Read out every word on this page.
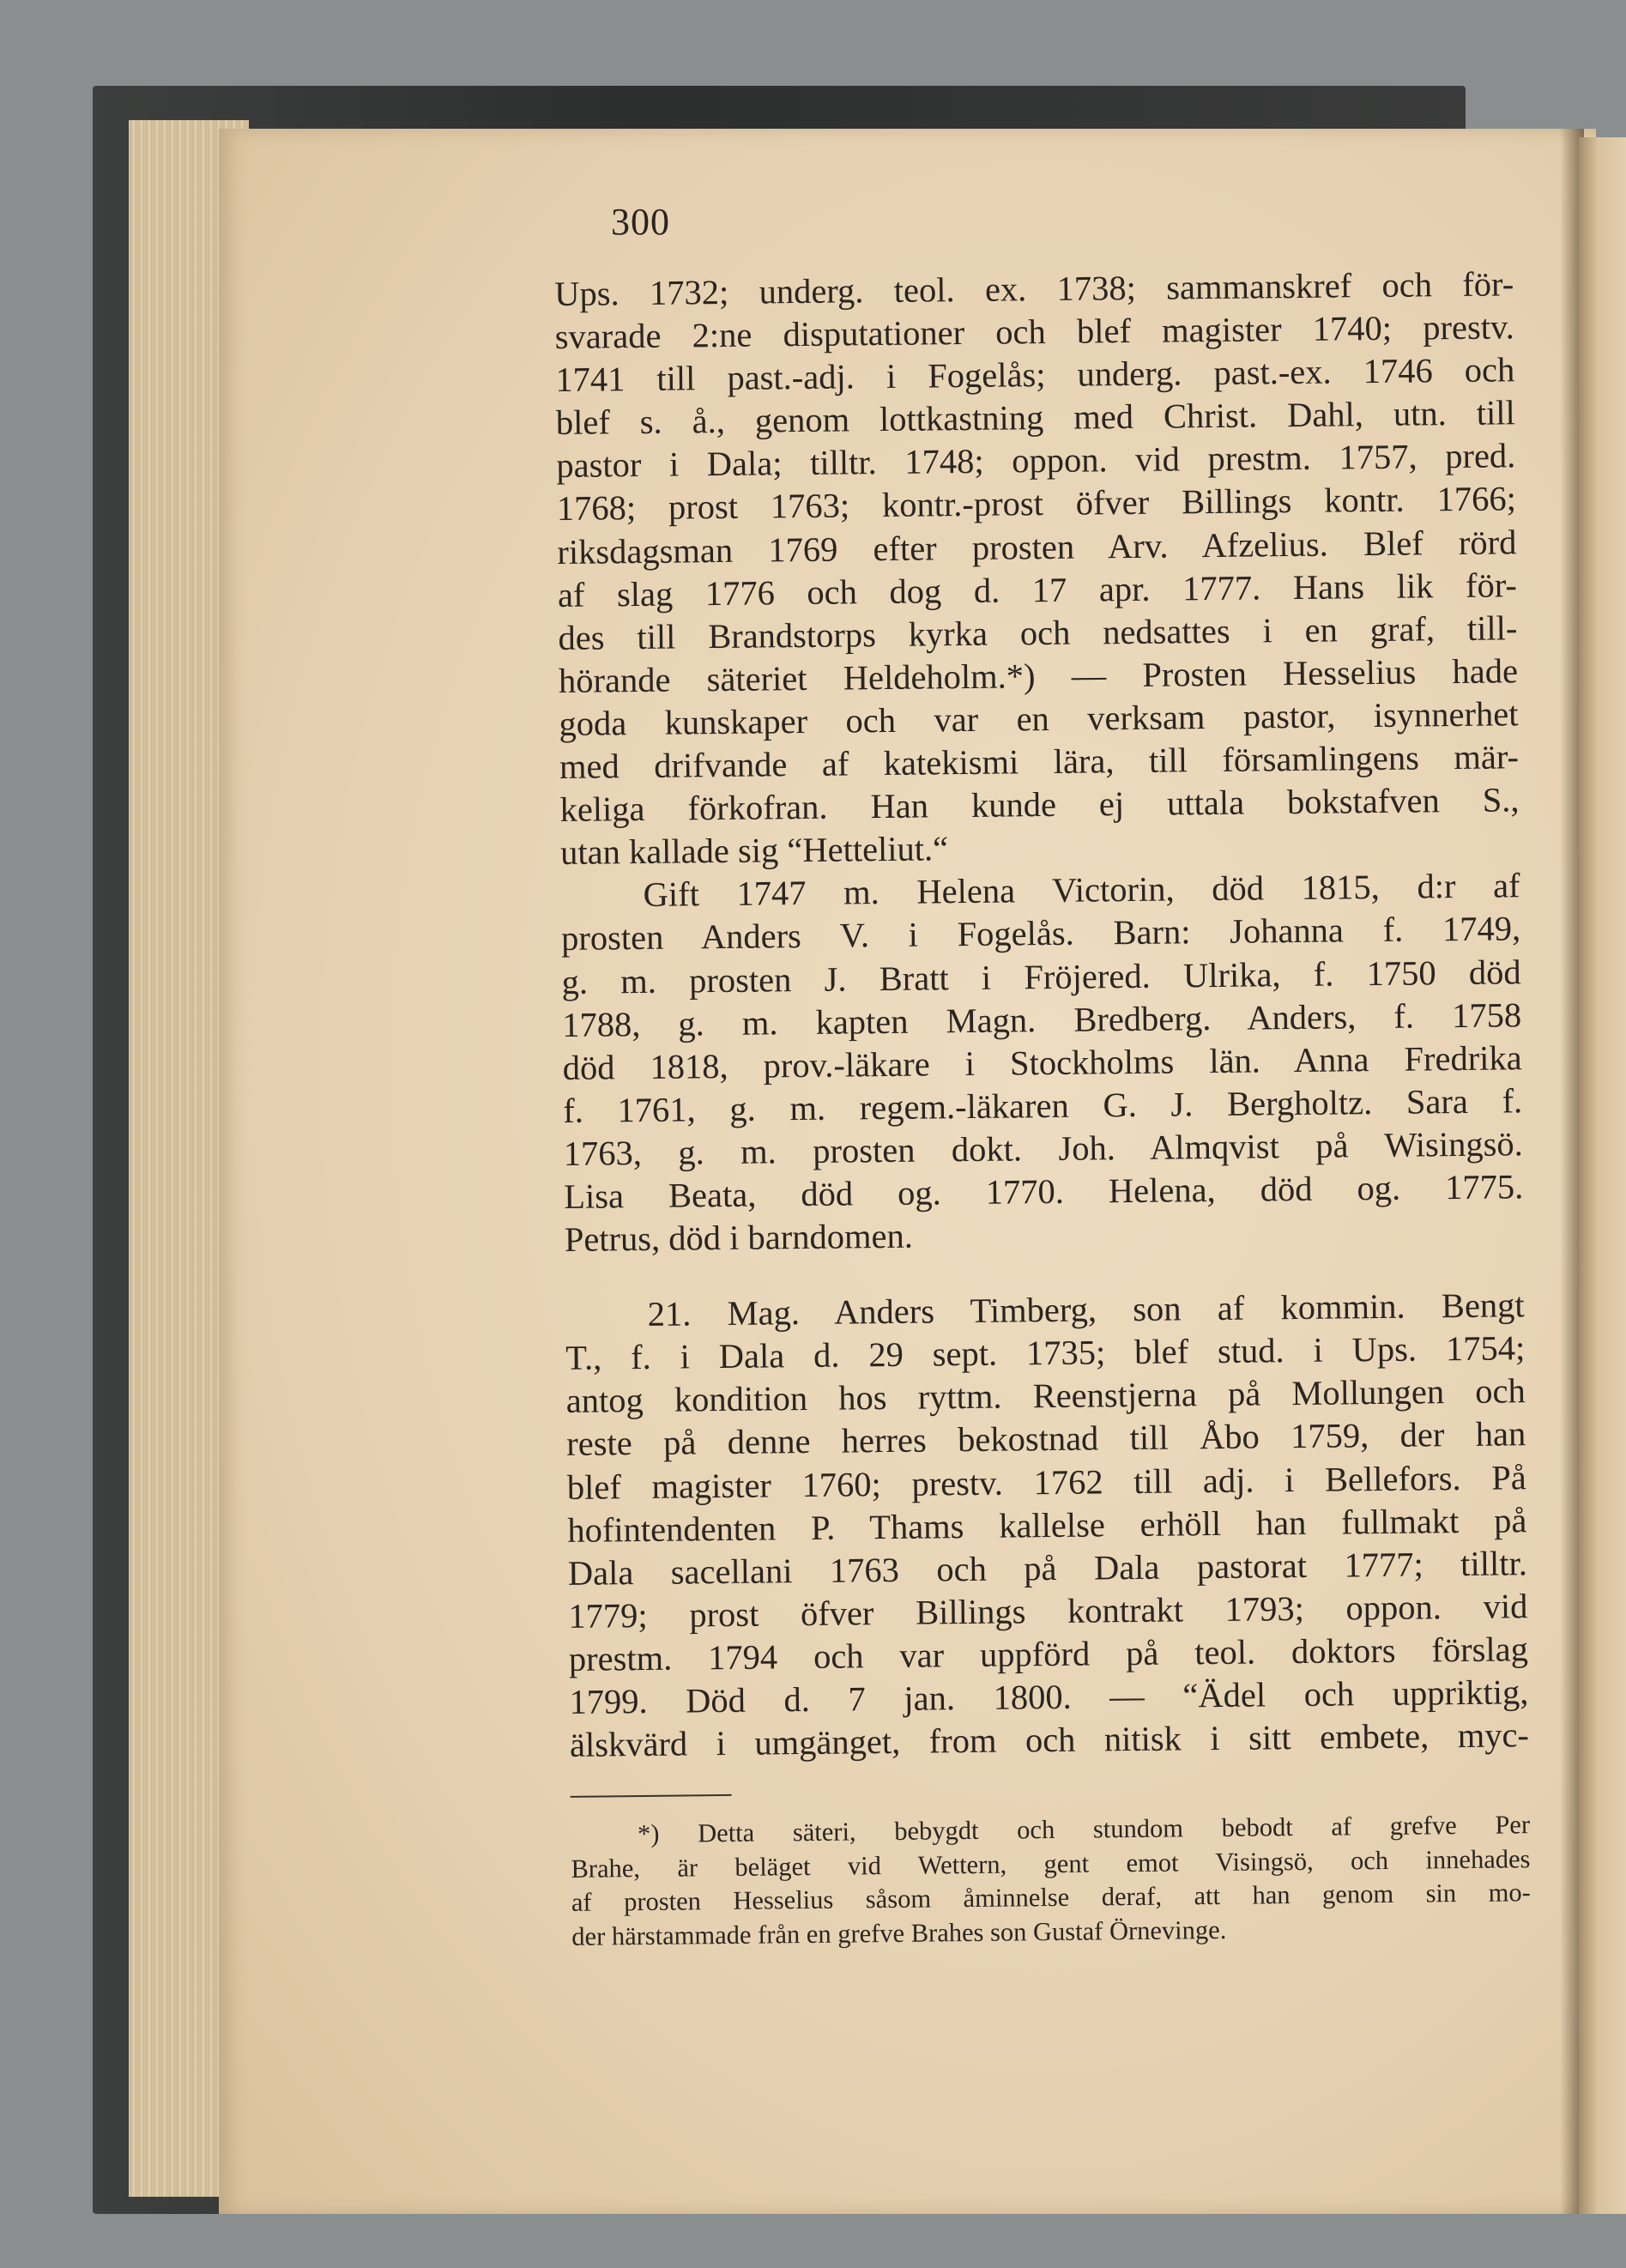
300
Ups. 1732; underg. teol. ex. 1738; sammanskref och för-
svarade 2:ne disputationer och blef magister 1740; prestv.
1741 till past.-adj. i Fogelås; underg. past.-ex. 1746 och
blef s. å., genom lottkastning med Christ. Dahl, utn. till
pastor i Dala; tilltr. 1748; oppon. vid prestm. 1757, pred.
1768; prost 1763; kontr.-prost öfver Billings kontr. 1766;
riksdagsman 1769 efter prosten Arv. Afzelius. Blef rörd
af slag 1776 och dog d. 17 apr. 1777. Hans lik för-
des till Brandstorps kyrka och nedsattes i en graf, till-
hörande säteriet Heldeholm.*) — Prosten Hesselius hade
goda kunskaper och var en verksam pastor, isynnerhet
med drifvande af katekismi lära, till församlingens mär-
keliga förkofran. Han kunde ej uttala bokstafven S.,
utan kallade sig “Hetteliut.“
Gift 1747 m. Helena Victorin, död 1815, d:r af
prosten Anders V. i Fogelås. Barn: Johanna f. 1749,
g. m. prosten J. Bratt i Fröjered. Ulrika, f. 1750 död
1788, g. m. kapten Magn. Bredberg. Anders, f. 1758
död 1818, prov.-läkare i Stockholms län. Anna Fredrika
f. 1761, g. m. regem.-läkaren G. J. Bergholtz. Sara f.
1763, g. m. prosten dokt. Joh. Almqvist på Wisingsö.
Lisa Beata, död og. 1770. Helena, död og. 1775.
Petrus, död i barndomen.
21. Mag. Anders Timberg, son af kommin. Bengt
T., f. i Dala d. 29 sept. 1735; blef stud. i Ups. 1754;
antog kondition hos ryttm. Reenstjerna på Mollungen och
reste på denne herres bekostnad till Åbo 1759, der han
blef magister 1760; prestv. 1762 till adj. i Bellefors. På
hofintendenten P. Thams kallelse erhöll han fullmakt på
Dala sacellani 1763 och på Dala pastorat 1777; tilltr.
1779; prost öfver Billings kontrakt 1793; oppon. vid
prestm. 1794 och var uppförd på teol. doktors förslag
1799. Död d. 7 jan. 1800. — “Ädel och uppriktig,
älskvärd i umgänget, from och nitisk i sitt embete, myc-
*) Detta säteri, bebygdt och stundom bebodt af grefve Per
Brahe, är beläget vid Wettern, gent emot Visingsö, och innehades
af prosten Hesselius såsom åminnelse deraf, att han genom sin mo-
der härstammade från en grefve Brahes son Gustaf Örnevinge.
